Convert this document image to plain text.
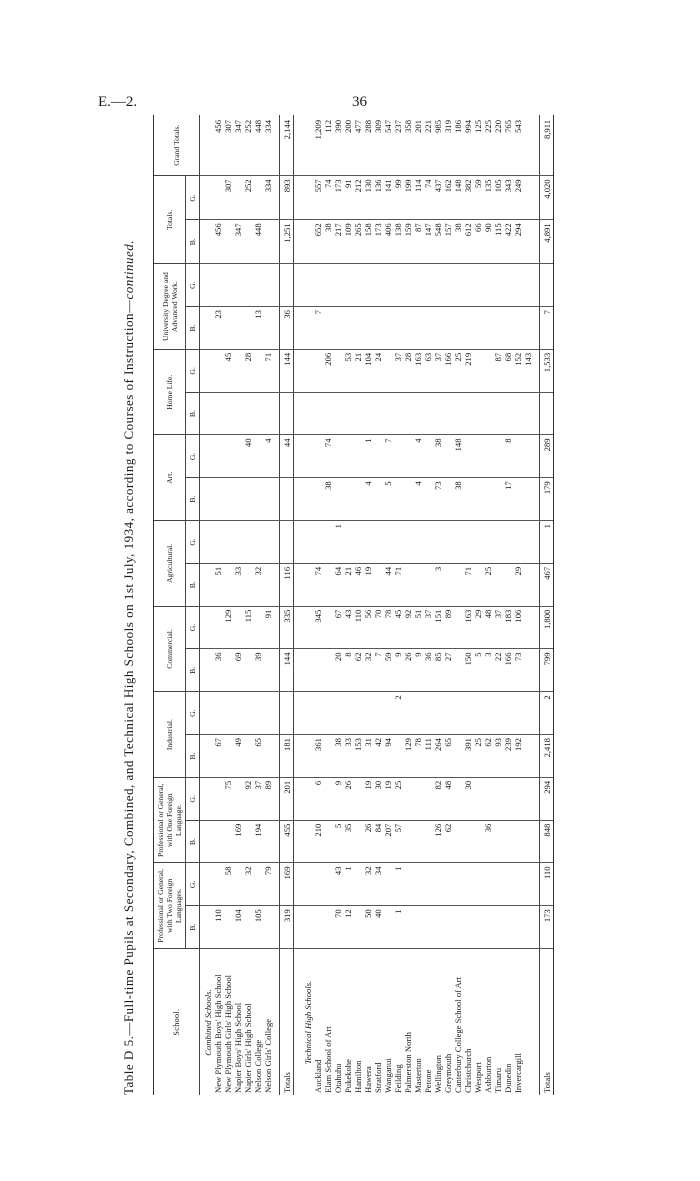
E.—2.	36
Table D 5.—Full-time Pupils at Secondary, Combined, and Technical High Schools on 1st July, 1934, according to Courses of Instruction—continued.
School.	Professional or General, with Two Foreign Languages.		Professional or General, with One Foreign Language.		Industrial.		Commercial.		Agricultural.		Art.		Home Life.		University Degree and Advanced Work.		Totals.		Grand Totals.
	B.	G.	B.	G.	B.	G.	B.	G.	B.	G.	B.	G.	B.	G.	B.	G.	B.	G.	
Combined Schools.																			
New Plymouth Boys' High School	110				67		36		51						23		456		456
New Plymouth Girls' High School		58		75				129						45				307	307
Napier Boys' High School	104		169		49		69		33								347		347
Napier Girls' High School		32		92				115				40		28				252	252
Nelson College	105		194	37	65		39		32						13		448		448
Nelson Girls' College		79		89				91				4		71				334	334

Totals	319	169	455	201	181		144	335	116			44		144	36		1,251	893	2,144

Technical High Schools.																			
Auckland			210	6	361			345	74						7		652	557	1,209
Elam School of Art											38	74		206			38	74	112
Otahuhu	70	43	5	9	38		20	67	64	1							217	173	390
Pukekohe	12	1	35	26	33		8	43	21					53			109	91	200
Hamilton					153		62	110	46					21			265	212	477
Hawera	50	32	26	19	31		32	56	19		4	1		104			158	130	288
Stratford	40	34	84	30	42		7	70						24			173	136	309
Wanganui			207	19	94		59	78	44		5	7					406	141	547
Feilding	1	1	57	25		2	9	45	71					37			138	99	237
Palmerston North					129		26	92						28			159	199	358
Masterton					78		9	51			4	4		163			87	114	201
Petone					111		36	37						63			147	74	221
Wellington			126	82	264		85	151	3		73	38		37			548	437	985
Greymouth			62	48	65		27	89						166			157	162	319
Canterbury College School of Art											38	148		25			38	148	186
Christchurch				30	391		150	163	71					219			612	382	994
Westport					25		5	29									66	59	125
Ashburton			36		62		3	48	25								90	135	225
Timaru					93		22	37						87			115	105	220
Dunedin					239		166	183			17	8		68			422	343	765
Invercargill					192		73	106	29					152			294	249	543
														143					

Totals	173	110	848	294	2,418	2	799	1,800	467	1	179	289		1,533	7		4,891	4,020	8,911
